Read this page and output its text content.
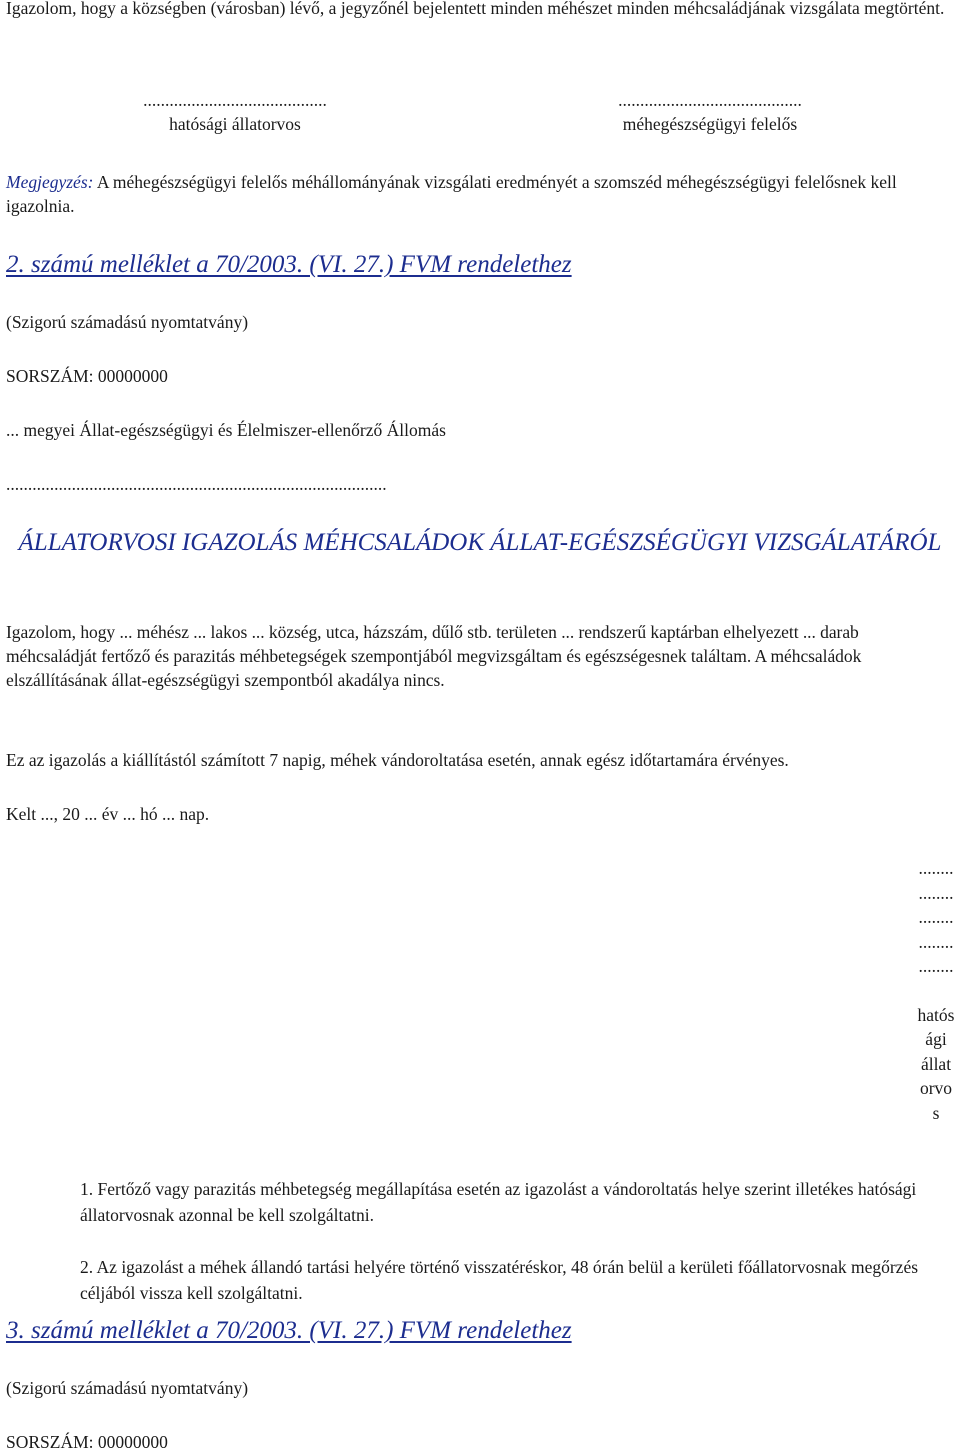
Igazolom, hogy a községben (városban) lévő, a jegyzőnél bejelentett minden méhészet minden méhcsaládjának vizsgálata megtörtént.

..........................................
hatósági állatorvos
..........................................
méhegészségügyi felelős

Megjegyzés: A méhegészségügyi felelős méhállományának vizsgálati eredményét a szomszéd méhegészségügyi felelősnek kell igazolnia.

2. számú melléklet a 70/2003. (VI. 27.) FVM rendelethez

(Szigorú számadású nyomtatvány)

SORSZÁM: 00000000

... megyei Állat-egészségügyi és Élelmiszer-ellenőrző Állomás

.......................................................................................

ÁLLATORVOSI IGAZOLÁS MÉHCSALÁDOK ÁLLAT-EGÉSZSÉGÜGYI VIZSGÁLATÁRÓL

Igazolom, hogy ... méhész ... lakos ... község, utca, házszám, dűlő stb. területen ... rendszerű kaptárban elhelyezett ... darab méhcsaládját fertőző és parazitás méhbetegségek szempontjából megvizsgáltam és egészségesnek találtam. A méhcsaládok elszállításának állat-egészségügyi szempontból akadálya nincs.

Ez az igazolás a kiállítástól számított 7 napig, méhek vándoroltatása esetén, annak egész időtartamára érvényes.

Kelt ..., 20 ... év ... hó ... nap.

........
........
........
........
........
hatós
ági
állat
orvo
s

1. Fertőző vagy parazitás méhbetegség megállapítása esetén az igazolást a vándoroltatás helye szerint illetékes hatósági állatorvosnak azonnal be kell szolgáltatni.

2. Az igazolást a méhek állandó tartási helyére történő visszatéréskor, 48 órán belül a kerületi főállatorvosnak megőrzés céljából vissza kell szolgáltatni.

3. számú melléklet a 70/2003. (VI. 27.) FVM rendelethez

(Szigorú számadású nyomtatvány)

SORSZÁM: 00000000
